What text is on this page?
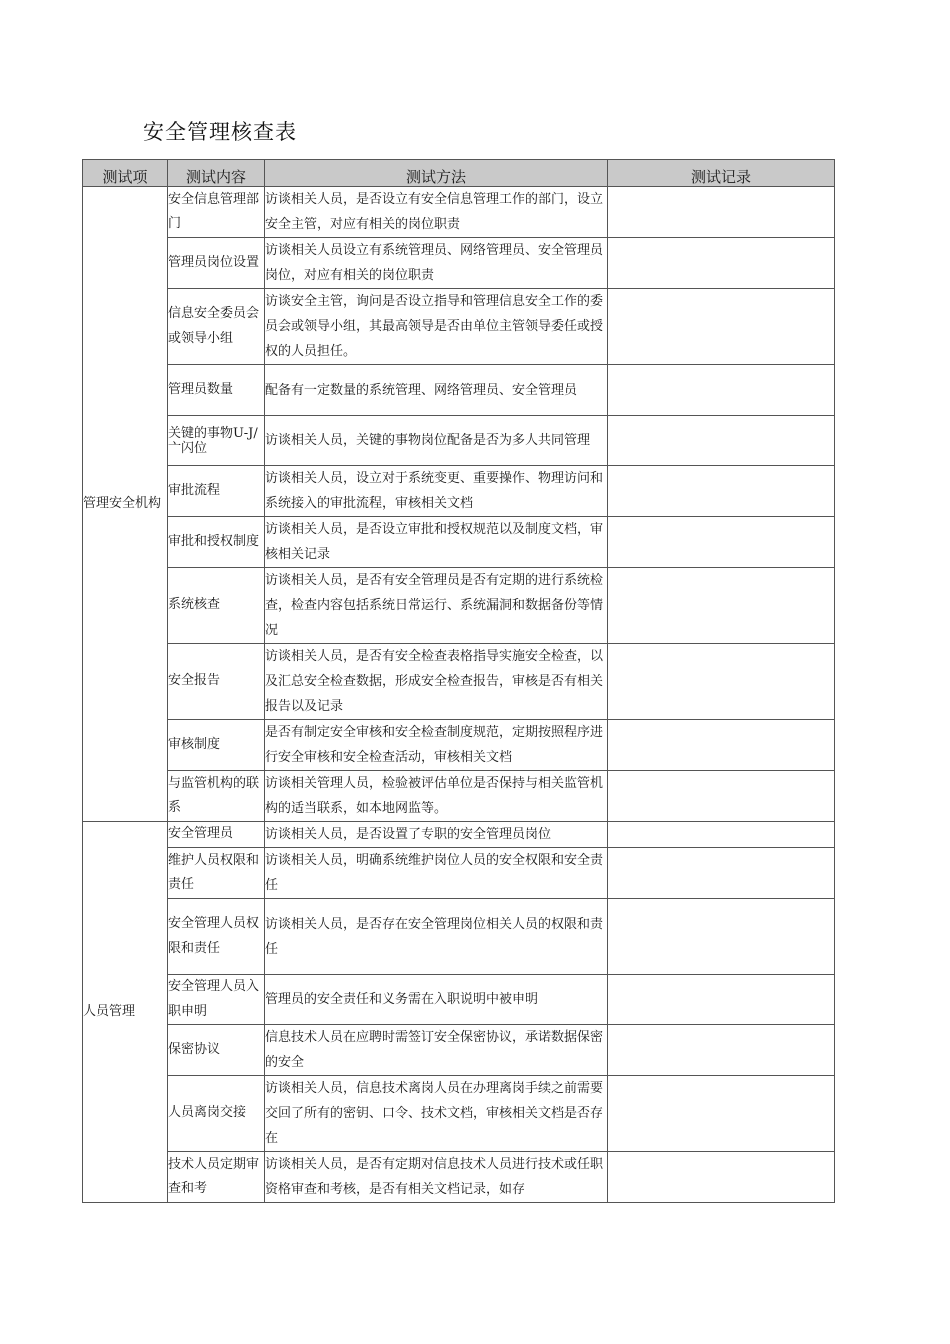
安全管理核查表
测试项	测试内容	测试方法	测试记录
管理安全机构	安全信息管理部门	访谈相关人员，是否设立有安全信息管理工作的部门，设立安全主管，对应有相关的岗位职责	
	管理员岗位设置	访谈相关人员设立有系统管理员、网络管理员、安全管理员岗位，对应有相关的岗位职责	
	信息安全委员会或领导小组	访谈安全主管，询问是否设立指导和管理信息安全工作的委员会或领导小组，其最高领导是否由单位主管领导委任或授权的人员担任。	
	管理员数量	配备有一定数量的系统管理、网络管理员、安全管理员	
	关键的事物U-J/亠闪位	访谈相关人员，关键的事物岗位配备是否为多人共同管理	
	审批流程	访谈相关人员，设立对于系统变更、重要操作、物理访问和系统接入的审批流程，审核相关文档	
	审批和授权制度	访谈相关人员，是否设立审批和授权规范以及制度文档，审核相关记录	
	系统核查	访谈相关人员，是否有安全管理员是否有定期的进行系统检查，检查内容包括系统日常运行、系统漏洞和数据备份等情况	
	安全报告	访谈相关人员，是否有安全检查表格指导实施安全检查，以及汇总安全检查数据，形成安全检查报告，审核是否有相关报告以及记录	
	审核制度	是否有制定安全审核和安全检查制度规范，定期按照程序进行安全审核和安全检查活动，审核相关文档	
	与监管机构的联系	访谈相关管理人员，检验被评估单位是否保持与相关监管机构的适当联系，如本地网监等。	
人员管理	安全管理员	访谈相关人员，是否设置了专职的安全管理员岗位	
	维护人员权限和责任	访谈相关人员，明确系统维护岗位人员的安全权限和安全责任	
	安全管理人员权限和责任	访谈相关人员，是否存在安全管理岗位相关人员的权限和责任	
	安全管理人员入职申明	管理员的安全责任和义务需在入职说明中被申明	
	保密协议	信息技术人员在应聘时需签订安全保密协议，承诺数据保密的安全	
	人员离岗交接	访谈相关人员，信息技术离岗人员在办理离岗手续之前需要交回了所有的密钥、口令、技术文档，审核相关文档是否存在	
	技术人员定期审查和考	访谈相关人员，是否有定期对信息技术人员进行技术或任职资格审查和考核，是否有相关文档记录，如存	
